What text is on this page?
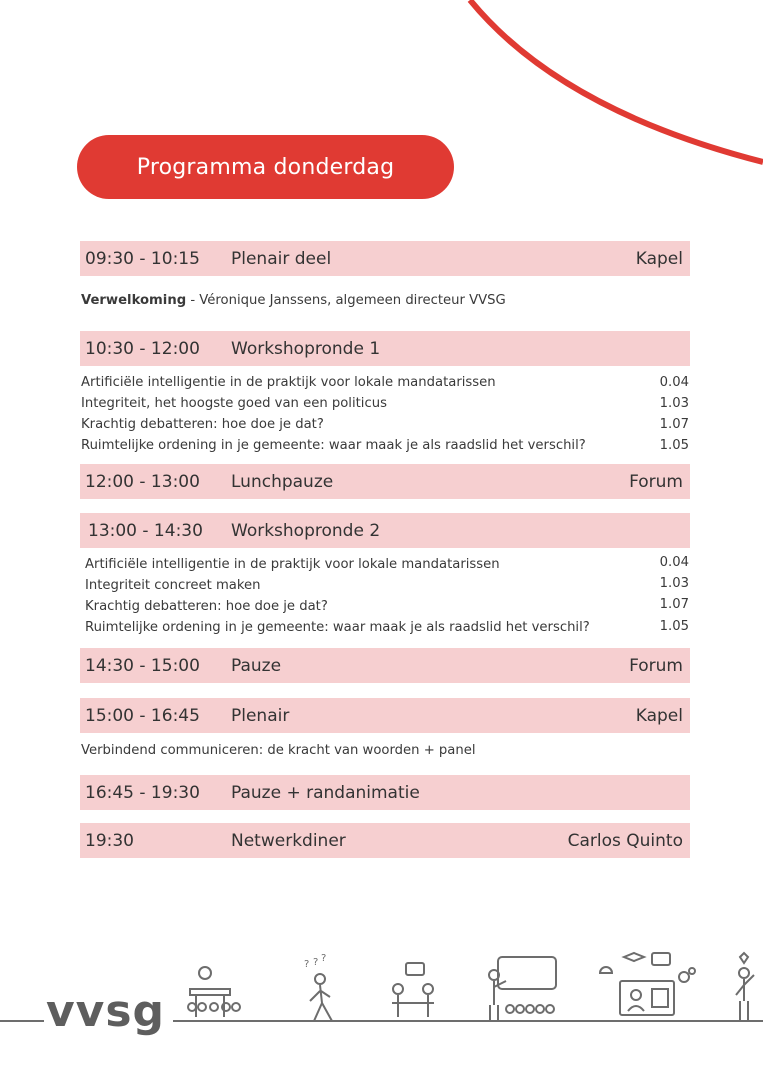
Programma donderdag
09:30 - 10:15 Plenair deel	Kapel
Verwelkoming - Véronique Janssens, algemeen directeur VVSG
10:30 - 12:00 Workshopronde 1
Artificiële intelligentie in de praktijk voor lokale mandatarissen	0.04
Integriteit, het hoogste goed van een politicus	1.03
Krachtig debatteren: hoe doe je dat?	1.07
Ruimtelijke ordening in je gemeente: waar maak je als raadslid het verschil?	1.05
12:00 - 13:00 Lunchpauze	Forum
13:00 - 14:30 Workshopronde 2
Artificiële intelligentie in de praktijk voor lokale mandatarissen	0.04
Integriteit concreet maken	1.03
Krachtig debatteren: hoe doe je dat?	1.07
Ruimtelijke ordening in je gemeente: waar maak je als raadslid het verschil?	1.05
14:30 - 15:00 Pauze	Forum
15:00 - 16:45 Plenair	Kapel
Verbindend communiceren: de kracht van woorden + panel
16:45 - 19:30 Pauze + randanimatie
19:30	Netwerkdiner	Carlos Quinto
vvsg
? ? ?
